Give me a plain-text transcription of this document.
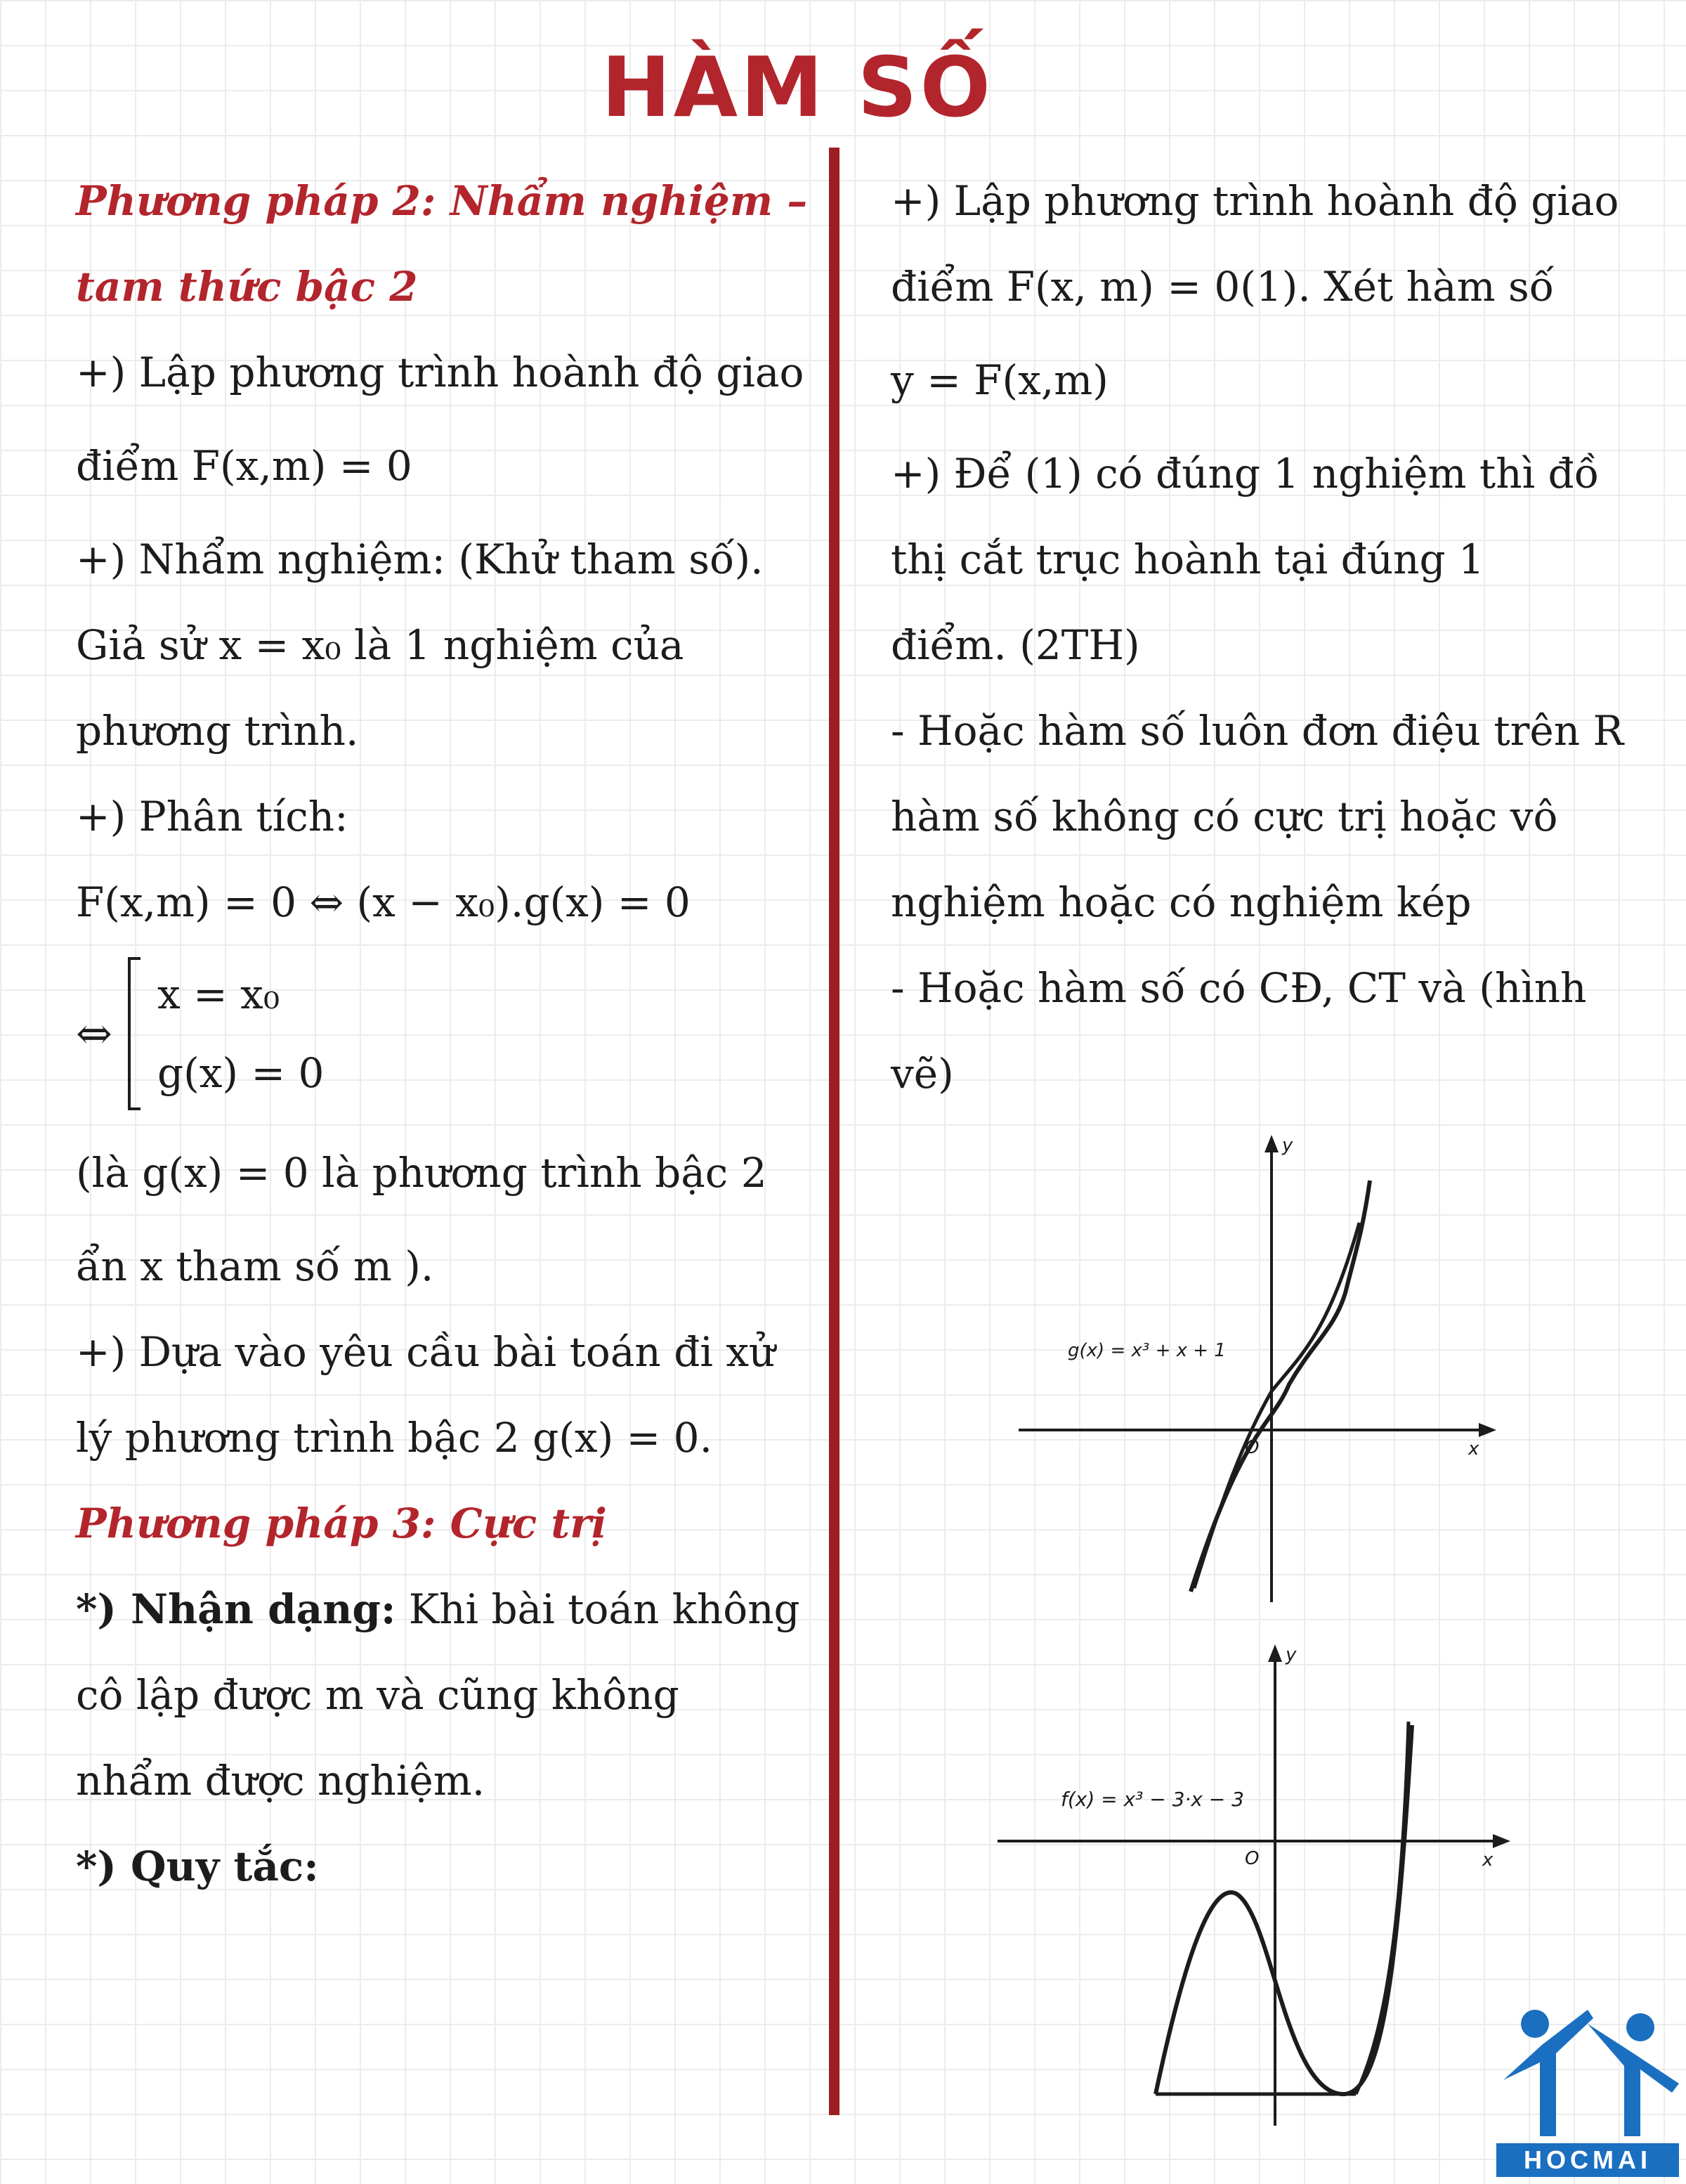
HÀM SỐ
Phương pháp 2: Nhẩm nghiệm –
tam thức bậc 2
+) Lập phương trình hoành độ giao
điểm F(x,m) = 0
+) Nhẩm nghiệm: (Khử tham số).
Giả sử x = x₀ là 1 nghiệm của
phương trình.
+) Phân tích:
F(x,m) = 0 ⇔ (x − x₀).g(x) = 0
⇔
x = x₀
g(x) = 0
(là g(x) = 0 là phương trình bậc 2
ẩn x tham số m ).
+) Dựa vào yêu cầu bài toán đi xử
lý phương trình bậc 2 g(x) = 0.
Phương pháp 3: Cực trị
*) Nhận dạng: Khi bài toán không
cô lập được m và cũng không
nhẩm được nghiệm.
*) Quy tắc:
+) Lập phương trình hoành độ giao
điểm F(x, m) = 0(1). Xét hàm số
y = F(x,m)
+) Để (1) có đúng 1 nghiệm thì đồ
thị cắt trục hoành tại đúng 1
điểm. (2TH)
- Hoặc hàm số luôn đơn điệu trên R
hàm số không có cực trị hoặc vô
nghiệm hoặc có nghiệm kép
- Hoặc hàm số có CĐ, CT và (hình
vẽ)
g(x) = x³ + x + 1
x
y
O
f(x) = x³ − 3·x − 3
x
y
O
HOCMAI
